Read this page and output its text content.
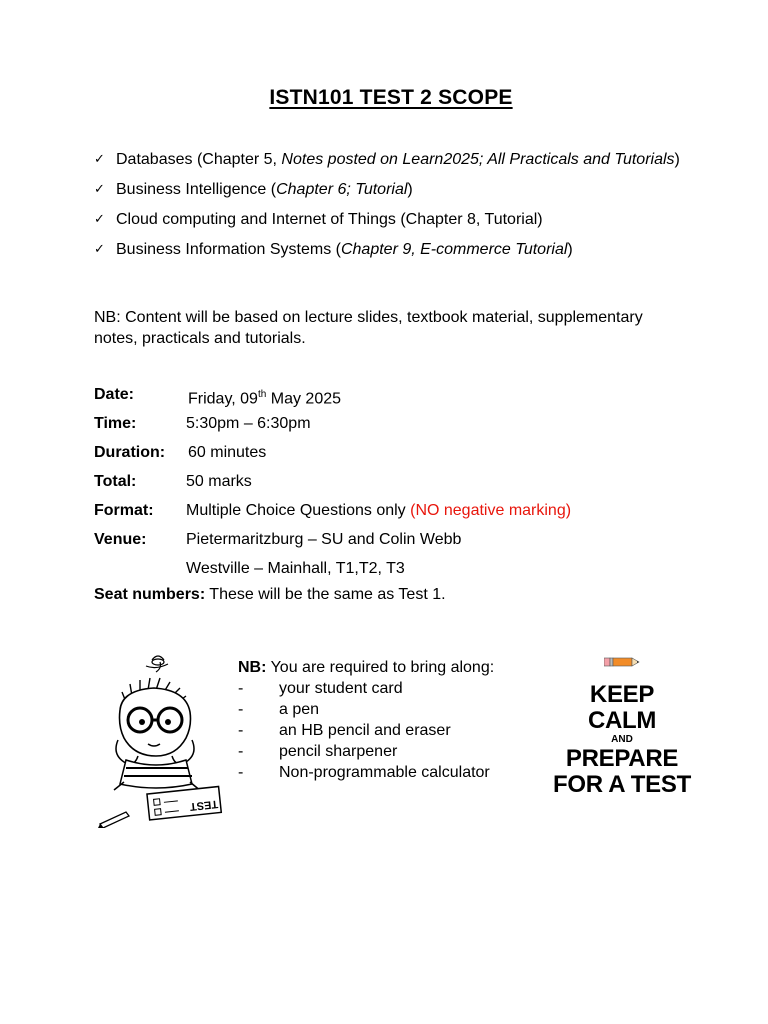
ISTN101 TEST 2 SCOPE
✓ Databases (Chapter 5, Notes posted on Learn2025; All Practicals and Tutorials)
✓ Business Intelligence (Chapter 6; Tutorial)
✓ Cloud computing and Internet of Things (Chapter 8, Tutorial)
✓ Business Information Systems (Chapter 9, E-commerce Tutorial)
NB: Content will be based on lecture slides, textbook material, supplementary notes, practicals and tutorials.
Date:	Friday, 09th May 2025
Time:	5:30pm – 6:30pm
Duration: 60 minutes
Total:	50 marks
Format: Multiple Choice Questions only (NO negative marking)
Venue: Pietermaritzburg – SU and Colin Webb
Westville – Mainhall, T1,T2, T3
Seat numbers: These will be the same as Test 1.
TEST
NB: You are required to bring along:
- your student card
- a pen
- an HB pencil and eraser
- pencil sharpener
- Non-programmable calculator
KEEP
CALM
AND
PREPARE
FOR A TEST
